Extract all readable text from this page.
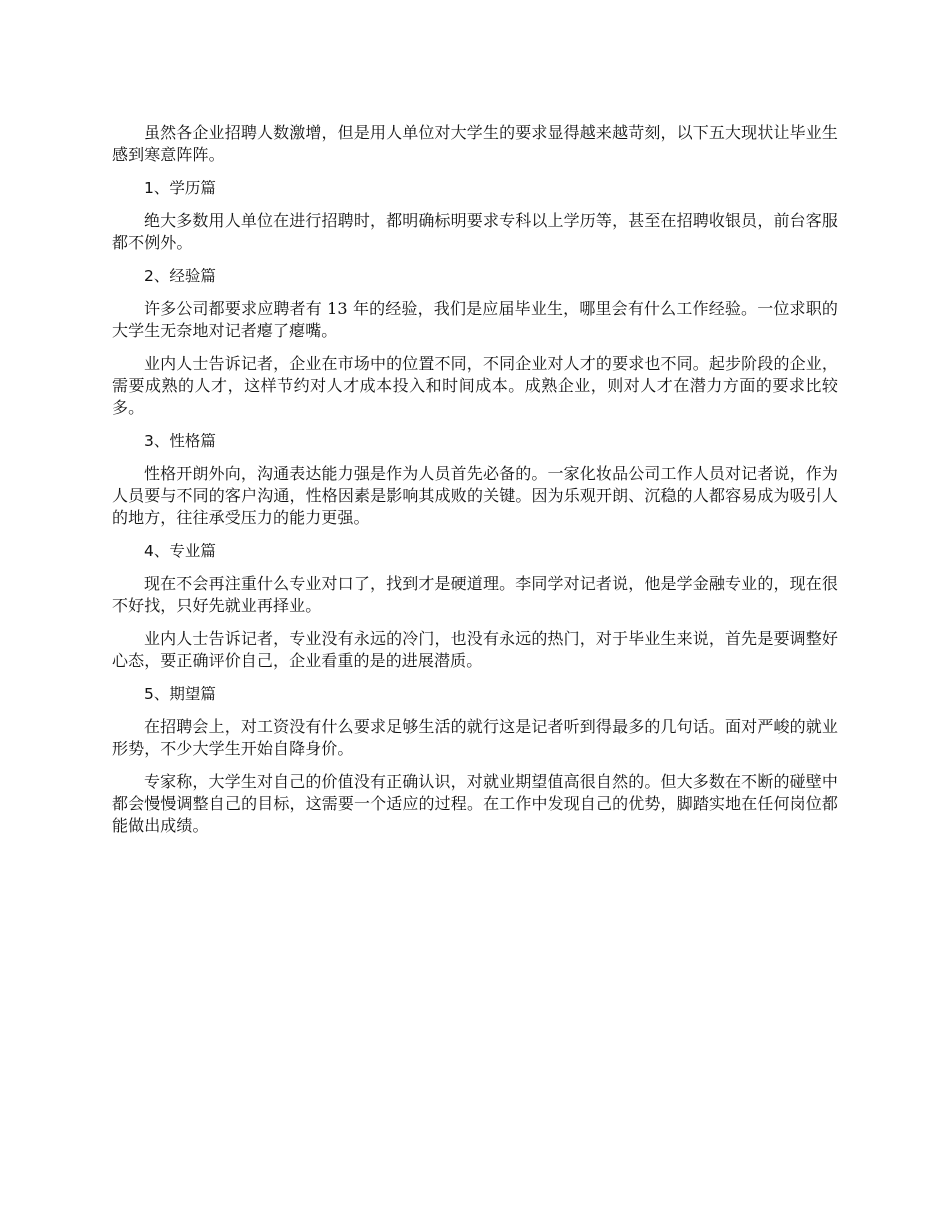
虽然各企业招聘人数激增，但是用人单位对大学生的要求显得越来越苛刻，以下五大现状让毕业生感到寒意阵阵。

1、学历篇

绝大多数用人单位在进行招聘时，都明确标明要求专科以上学历等，甚至在招聘收银员，前台客服都不例外。

2、经验篇

许多公司都要求应聘者有 13 年的经验，我们是应届毕业生，哪里会有什么工作经验。一位求职的大学生无奈地对记者瘪了瘪嘴。

业内人士告诉记者，企业在市场中的位置不同，不同企业对人才的要求也不同。起步阶段的企业，需要成熟的人才，这样节约对人才成本投入和时间成本。成熟企业，则对人才在潜力方面的要求比较多。

3、性格篇

性格开朗外向，沟通表达能力强是作为人员首先必备的。一家化妆品公司工作人员对记者说，作为人员要与不同的客户沟通，性格因素是影响其成败的关键。因为乐观开朗、沉稳的人都容易成为吸引人的地方，往往承受压力的能力更强。

4、专业篇

现在不会再注重什么专业对口了，找到才是硬道理。李同学对记者说，他是学金融专业的，现在很不好找，只好先就业再择业。

业内人士告诉记者，专业没有永远的冷门，也没有永远的热门，对于毕业生来说，首先是要调整好心态，要正确评价自己，企业看重的是的进展潜质。

5、期望篇

在招聘会上，对工资没有什么要求足够生活的就行这是记者听到得最多的几句话。面对严峻的就业形势，不少大学生开始自降身价。

专家称，大学生对自己的价值没有正确认识，对就业期望值高很自然的。但大多数在不断的碰壁中都会慢慢调整自己的目标，这需要一个适应的过程。在工作中发现自己的优势，脚踏实地在任何岗位都能做出成绩。
